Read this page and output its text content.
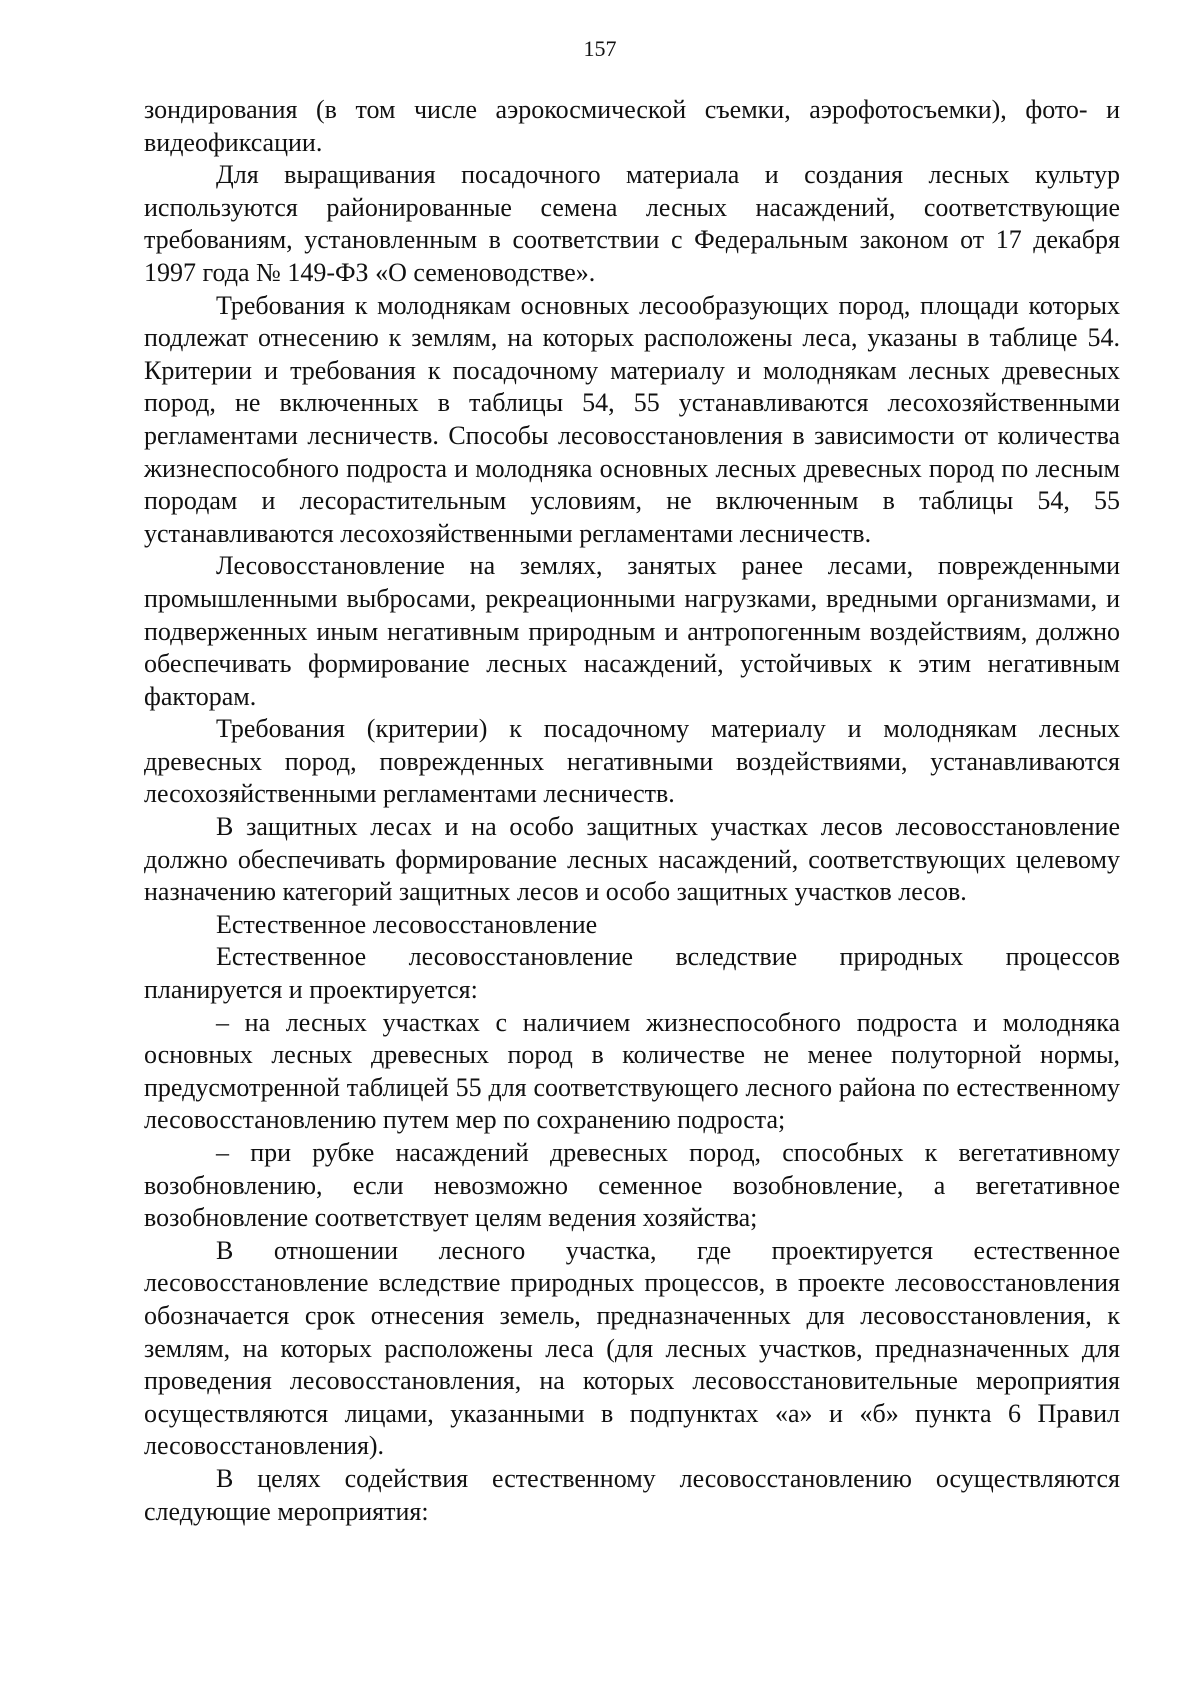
157

зондирования (в том числе аэрокосмической съемки, аэрофотосъемки), фото- и видеофиксации.

Для выращивания посадочного материала и создания лесных культур используются районированные семена лесных насаждений, соответствующие требованиям, установленным в соответствии с Федеральным законом от 17 декабря 1997 года № 149-ФЗ «О семеноводстве».

Требования к молоднякам основных лесообразующих пород, площади которых подлежат отнесению к землям, на которых расположены леса, указаны в таблице 54. Критерии и требования к посадочному материалу и молоднякам лесных древесных пород, не включенных в таблицы 54, 55 устанавливаются лесохозяйственными регламентами лесничеств. Способы лесовосстановления в зависимости от количества жизнеспособного подроста и молодняка основных лесных древесных пород по лесным породам и лесорастительным условиям, не включенным в таблицы 54, 55 устанавливаются лесохозяйственными регламентами лесничеств.

Лесовосстановление на землях, занятых ранее лесами, поврежденными промышленными выбросами, рекреационными нагрузками, вредными организмами, и подверженных иным негативным природным и антропогенным воздействиям, должно обеспечивать формирование лесных насаждений, устойчивых к этим негативным факторам.

Требования (критерии) к посадочному материалу и молоднякам лесных древесных пород, поврежденных негативными воздействиями, устанавливаются лесохозяйственными регламентами лесничеств.

В защитных лесах и на особо защитных участках лесов лесовосстановление должно обеспечивать формирование лесных насаждений, соответствующих целевому назначению категорий защитных лесов и особо защитных участков лесов.

Естественное лесовосстановление

Естественное лесовосстановление вследствие природных процессов планируется и проектируется:

– на лесных участках с наличием жизнеспособного подроста и молодняка основных лесных древесных пород в количестве не менее полуторной нормы, предусмотренной таблицей 55 для соответствующего лесного района по естественному лесовосстановлению путем мер по сохранению подроста;

– при рубке насаждений древесных пород, способных к вегетативному возобновлению, если невозможно семенное возобновление, а вегетативное возобновление соответствует целям ведения хозяйства;

В отношении лесного участка, где проектируется естественное лесовосстановление вследствие природных процессов, в проекте лесовосстановления обозначается срок отнесения земель, предназначенных для лесовосстановления, к землям, на которых расположены леса (для лесных участков, предназначенных для проведения лесовосстановления, на которых лесовосстановительные мероприятия осуществляются лицами, указанными в подпунктах «а» и «б» пункта 6 Правил лесовосстановления).

В целях содействия естественному лесовосстановлению осуществляются следующие мероприятия:
